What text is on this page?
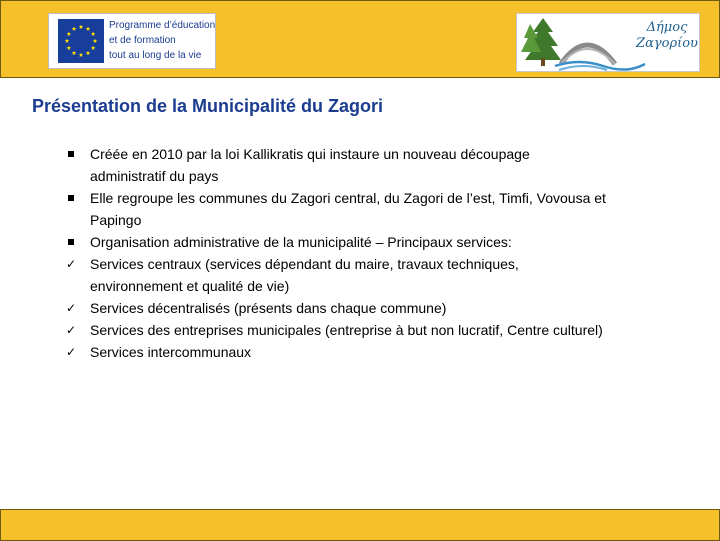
Programme d’éducation
et de formation
tout au long de la vie
Δήμος
Ζαγορίου
Présentation de la Municipalité du Zagori
Créée en 2010 par la loi Kallikratis qui instaure un nouveau découpage
administratif du pays
Elle regroupe les communes du Zagori central, du Zagori de l’est, Timfi, Vovousa et
Papingo
Organisation administrative de la municipalité – Principaux services:
✓ Services centraux (services dépendant du maire, travaux techniques,
environnement et qualité de vie)
✓ Services décentralisés (présents dans chaque commune)
✓ Services des entreprises municipales (entreprise à but non lucratif, Centre culturel)
✓ Services intercommunaux
